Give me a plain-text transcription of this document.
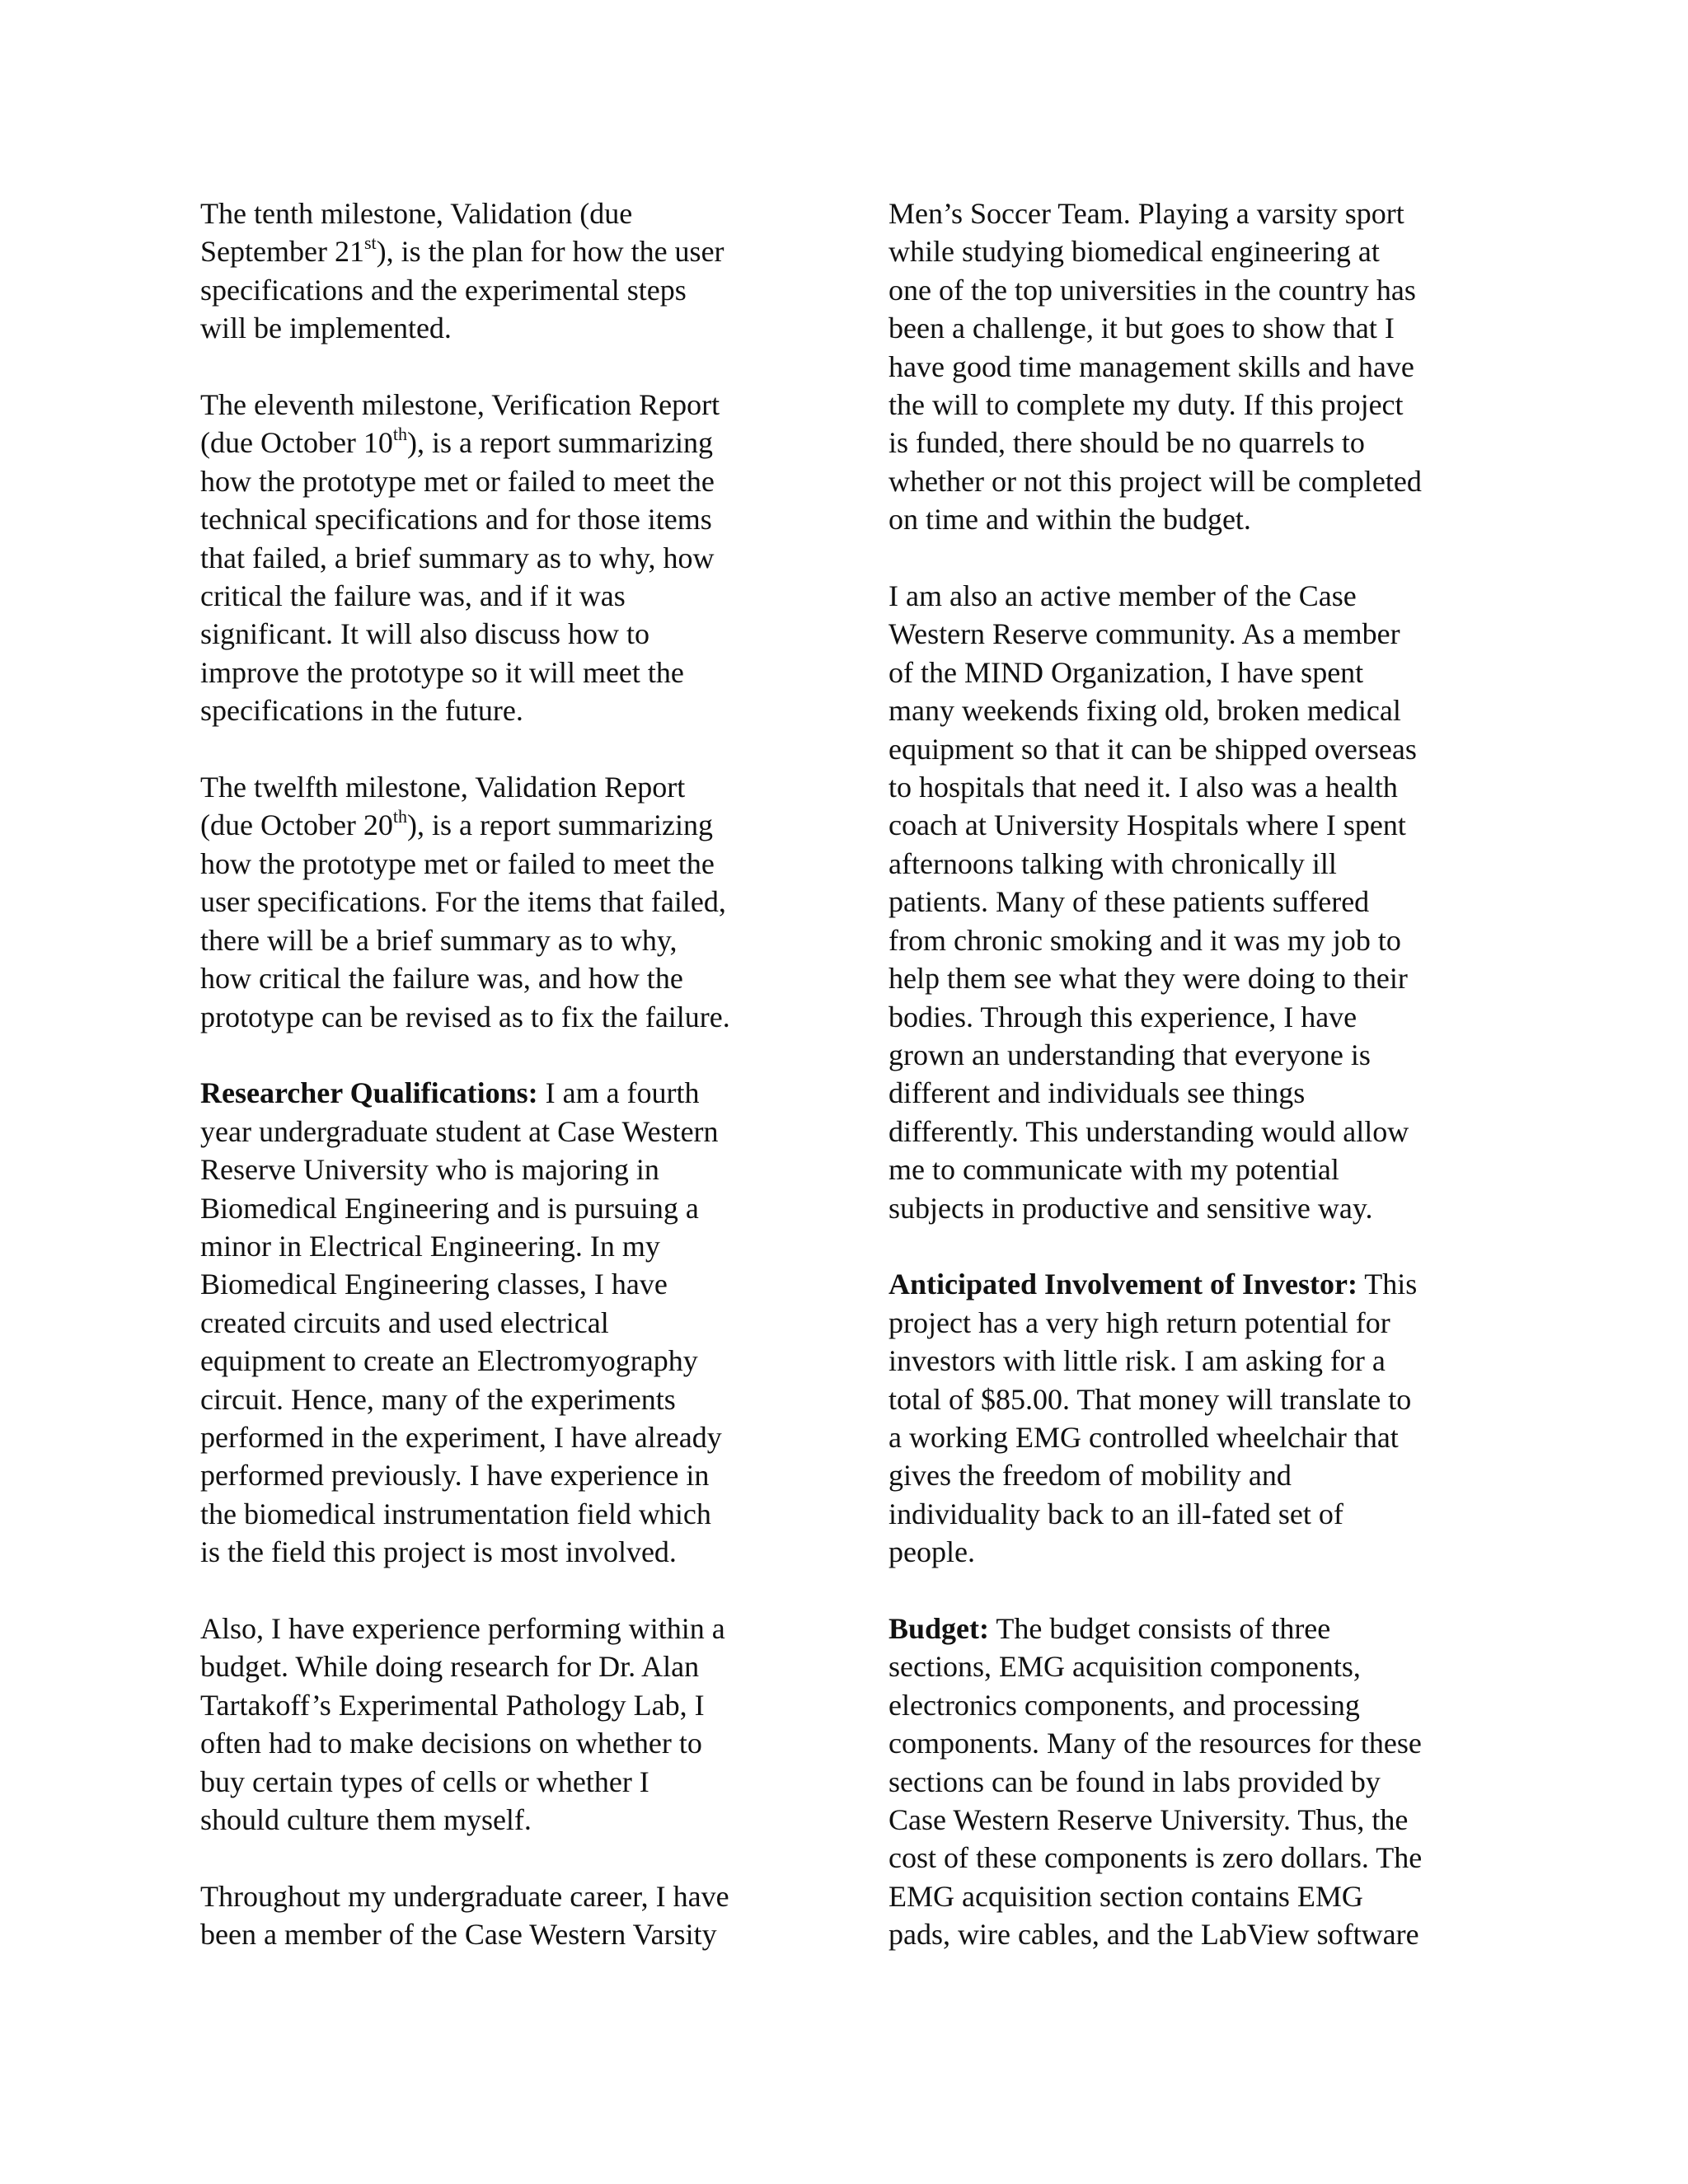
The tenth milestone, Validation (due
September 21st), is the plan for how the user
specifications and the experimental steps
will be implemented.

The eleventh milestone, Verification Report
(due October 10th), is a report summarizing
how the prototype met or failed to meet the
technical specifications and for those items
that failed, a brief summary as to why, how
critical the failure was, and if it was
significant. It will also discuss how to
improve the prototype so it will meet the
specifications in the future.

The twelfth milestone, Validation Report
(due October 20th), is a report summarizing
how the prototype met or failed to meet the
user specifications. For the items that failed,
there will be a brief summary as to why,
how critical the failure was, and how the
prototype can be revised as to fix the failure.

Researcher Qualifications: I am a fourth
year undergraduate student at Case Western
Reserve University who is majoring in
Biomedical Engineering and is pursuing a
minor in Electrical Engineering. In my
Biomedical Engineering classes, I have
created circuits and used electrical
equipment to create an Electromyography
circuit. Hence, many of the experiments
performed in the experiment, I have already
performed previously. I have experience in
the biomedical instrumentation field which
is the field this project is most involved.

Also, I have experience performing within a
budget. While doing research for Dr. Alan
Tartakoff’s Experimental Pathology Lab, I
often had to make decisions on whether to
buy certain types of cells or whether I
should culture them myself.

Throughout my undergraduate career, I have
been a member of the Case Western Varsity

Men’s Soccer Team. Playing a varsity sport
while studying biomedical engineering at
one of the top universities in the country has
been a challenge, it but goes to show that I
have good time management skills and have
the will to complete my duty. If this project
is funded, there should be no quarrels to
whether or not this project will be completed
on time and within the budget.

I am also an active member of the Case
Western Reserve community. As a member
of the MIND Organization, I have spent
many weekends fixing old, broken medical
equipment so that it can be shipped overseas
to hospitals that need it. I also was a health
coach at University Hospitals where I spent
afternoons talking with chronically ill
patients. Many of these patients suffered
from chronic smoking and it was my job to
help them see what they were doing to their
bodies. Through this experience, I have
grown an understanding that everyone is
different and individuals see things
differently. This understanding would allow
me to communicate with my potential
subjects in productive and sensitive way.

Anticipated Involvement of Investor: This
project has a very high return potential for
investors with little risk. I am asking for a
total of $85.00. That money will translate to
a working EMG controlled wheelchair that
gives the freedom of mobility and
individuality back to an ill-fated set of
people.

Budget: The budget consists of three
sections, EMG acquisition components,
electronics components, and processing
components. Many of the resources for these
sections can be found in labs provided by
Case Western Reserve University. Thus, the
cost of these components is zero dollars. The
EMG acquisition section contains EMG
pads, wire cables, and the LabView software
